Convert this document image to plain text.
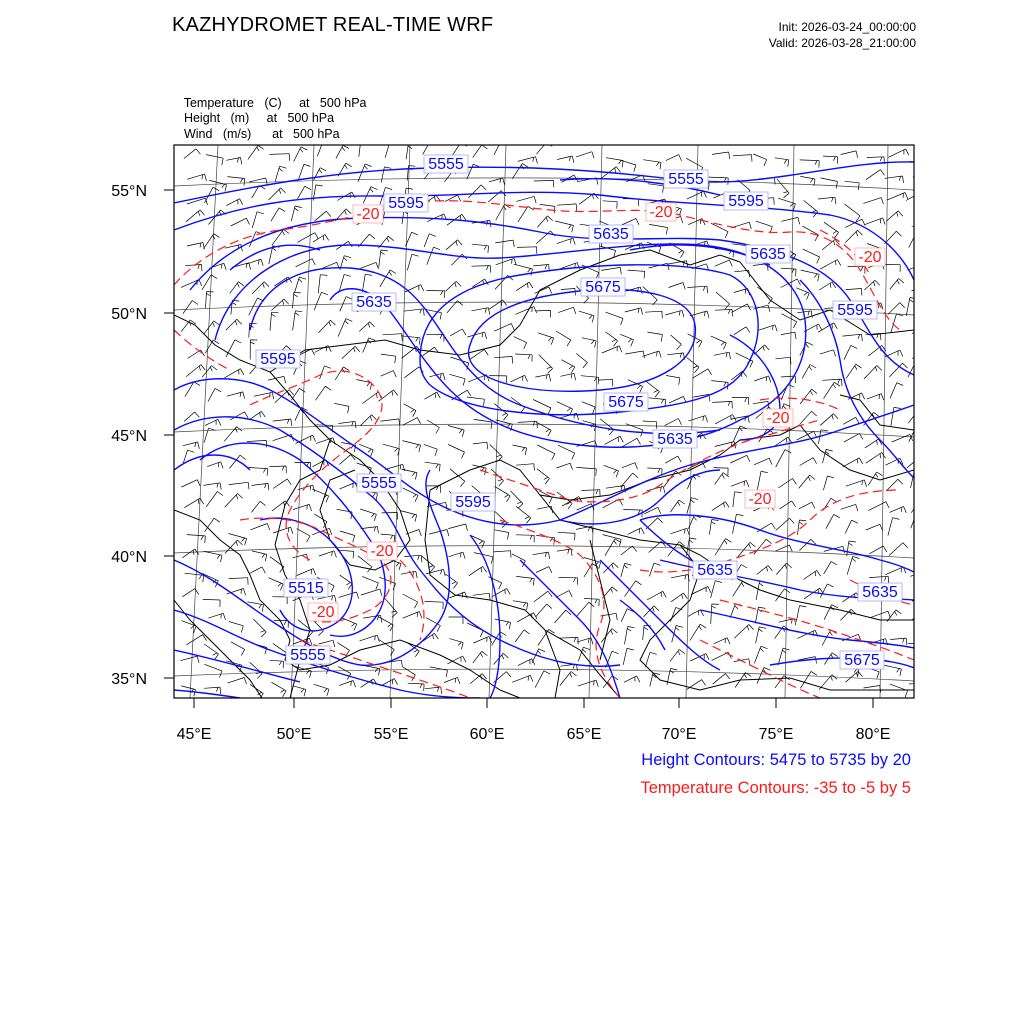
KAZHYDROMET REAL-TIME WRF	Init: 2026-03-24_00:00:00
Valid: 2026-03-28_21:00:00

Temperature (C) at   500 hPa

Height (m) at   500 hPa

Wind (m/s) at   500 hPa

5555
5555
5595	5595
5635
5635
5675
5635	5595
5595
5675
5635
5555
5595
5515
5555
5635
5635
5675
-20	-20
-20
-20
-20
-20
-20
55°N
50°N
45°N
40°N
35°N
45°E	50°E	55°E	60°E	65°E	70°E	75°E	80°E
Height Contours: 5475 to 5735 by 20
Temperature Contours: -35 to -5 by 5
